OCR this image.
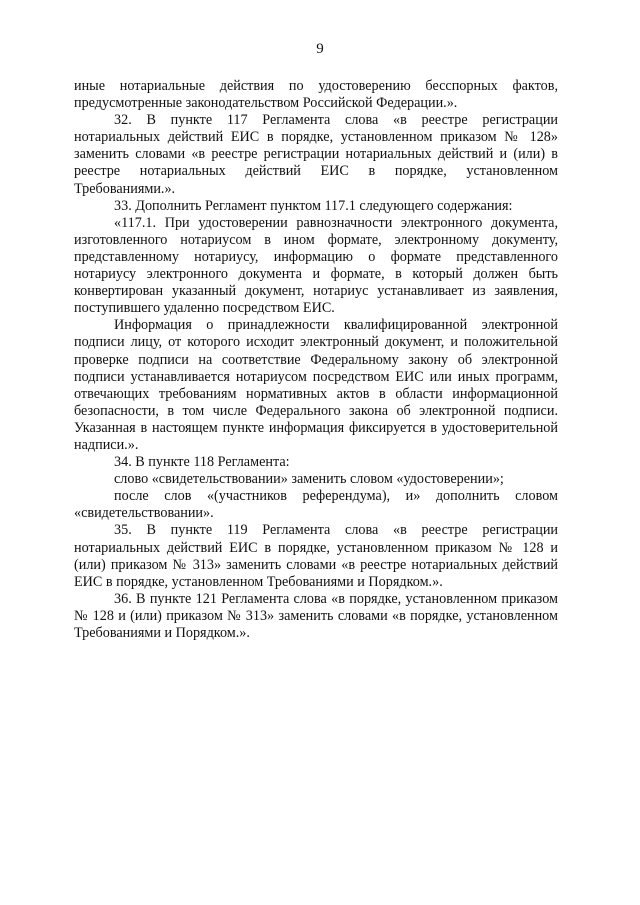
9

иные нотариальные действия по удостоверению бесспорных фактов, предусмотренные законодательством Российской Федерации.».

32. В пункте 117 Регламента слова «в реестре регистрации нотариальных действий ЕИС в порядке, установленном приказом № 128» заменить словами «в реестре регистрации нотариальных действий и (или) в реестре нотариальных действий ЕИС в порядке, установленном Требованиями.».

33. Дополнить Регламент пунктом 117.1 следующего содержания:

«117.1. При удостоверении равнозначности электронного документа, изготовленного нотариусом в ином формате, электронному документу, представленному нотариусу, информацию о формате представленного нотариусу электронного документа и формате, в который должен быть конвертирован указанный документ, нотариус устанавливает из заявления, поступившего удаленно посредством ЕИС.

Информация о принадлежности квалифицированной электронной подписи лицу, от которого исходит электронный документ, и положительной проверке подписи на соответствие Федеральному закону об электронной подписи устанавливается нотариусом посредством ЕИС или иных программ, отвечающих требованиям нормативных актов в области информационной безопасности, в том числе Федерального закона об электронной подписи. Указанная в настоящем пункте информация фиксируется в удостоверительной надписи.».

34. В пункте 118 Регламента:

слово «свидетельствовании» заменить словом «удостоверении»;

после слов «(участников референдума), и» дополнить словом «свидетельствовании».

35. В пункте 119 Регламента слова «в реестре регистрации нотариальных действий ЕИС в порядке, установленном приказом № 128 и (или) приказом № 313» заменить словами «в реестре нотариальных действий ЕИС в порядке, установленном Требованиями и Порядком.».

36. В пункте 121 Регламента слова «в порядке, установленном приказом № 128 и (или) приказом № 313» заменить словами «в порядке, установленном Требованиями и Порядком.».
